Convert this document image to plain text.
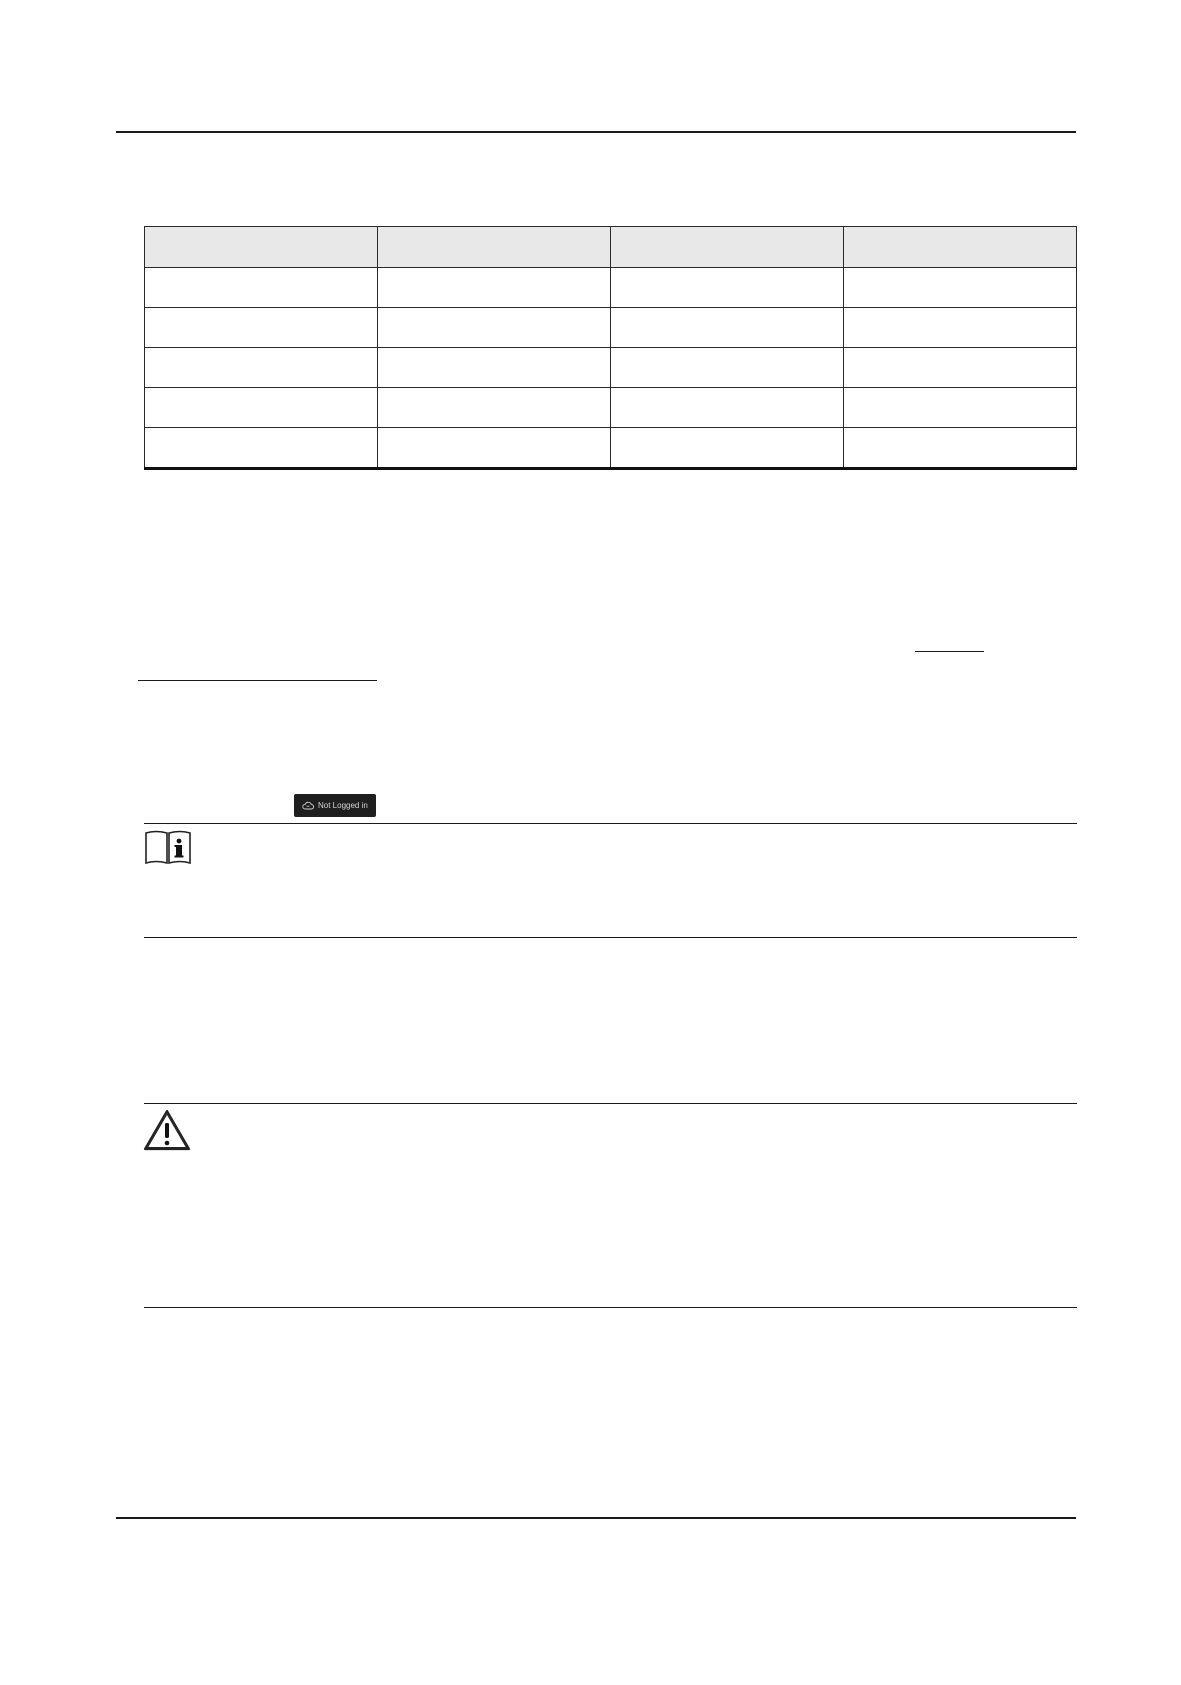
Not Logged in
